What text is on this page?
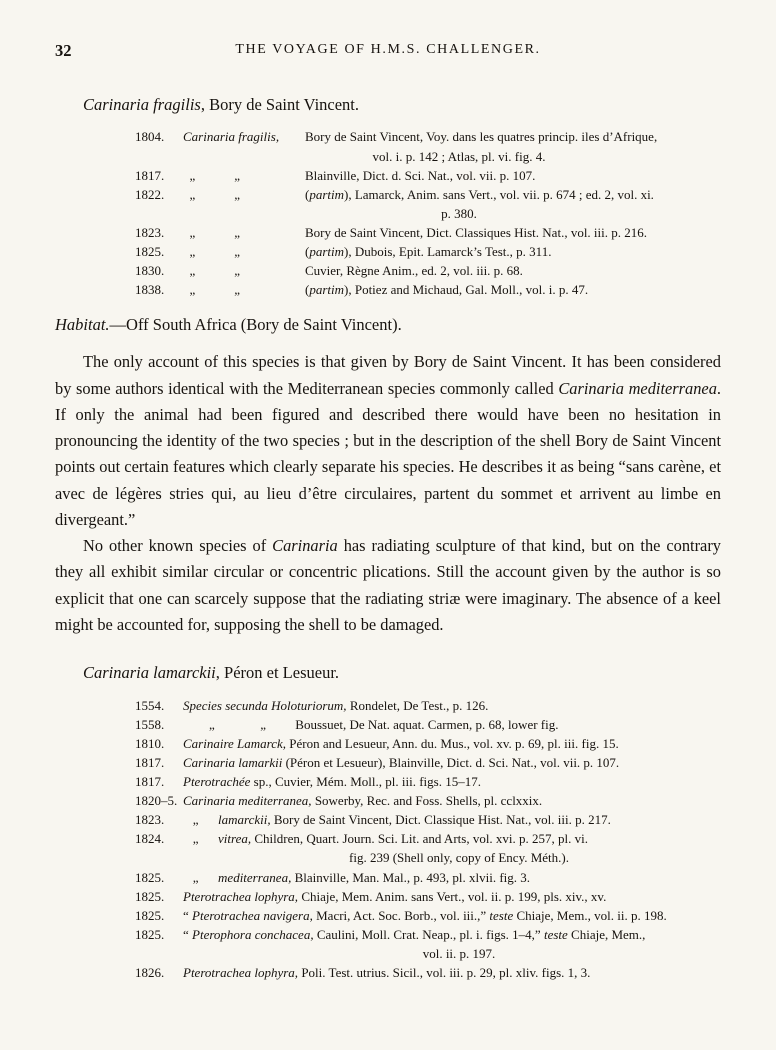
32	THE VOYAGE OF H.M.S. CHALLENGER.
Carinaria fragilis, Bory de Saint Vincent.
1804.	Carinaria fragilis, Bory de Saint Vincent, Voy. dans les quatres princip. iles d’Afrique,
vol. i. p. 142 ; Atlas, pl. vi. fig. 4.
1817.	„            „	Blainville, Dict. d. Sci. Nat., vol. vii. p. 107.
1822.	„            „	(partim), Lamarck, Anim. sans Vert., vol. vii. p. 674 ; ed. 2, vol. xi.
p. 380.
1823.	„            „	Bory de Saint Vincent, Dict. Classiques Hist. Nat., vol. iii. p. 216.
1825.	„            „	(partim), Dubois, Epit. Lamarck’s Test., p. 311.
1830.	„            „	Cuvier, Règne Anim., ed. 2, vol. iii. p. 68.
1838.	„            „	(partim), Potiez and Michaud, Gal. Moll., vol. i. p. 47.

Habitat.—Off South Africa (Bory de Saint Vincent).

The only account of this species is that given by Bory de Saint Vincent. It has been considered by some authors identical with the Mediterranean species commonly called Carinaria mediterranea. If only the animal had been figured and described there would have been no hesitation in pronouncing the identity of the two species ; but in the description of the shell Bory de Saint Vincent points out certain features which clearly separate his species. He describes it as being “sans carène, et avec de légères stries qui, au lieu d’être circulaires, partent du sommet et arrivent au limbe en divergeant.”

No other known species of Carinaria has radiating sculpture of that kind, but on the contrary they all exhibit similar circular or concentric plications. Still the account given by the author is so explicit that one can scarcely suppose that the radiating striæ were imaginary. The absence of a keel might be accounted for, supposing the shell to be damaged.

Carinaria lamarckii, Péron et Lesueur.
1554.	Species secunda Holoturiorum, Rondelet, De Test., p. 126.
1558.	„              „         Boussuet, De Nat. aquat. Carmen, p. 68, lower fig.
1810.	Carinaire Lamarck, Péron and Lesueur, Ann. du. Mus., vol. xv. p. 69, pl. iii. fig. 15.
1817.	Carinaria lamarkii (Péron et Lesueur), Blainville, Dict. d. Sci. Nat., vol. vii. p. 107.
1817.	Pterotrachée sp., Cuvier, Mém. Moll., pl. iii. figs. 15–17.
1820–5. Carinaria mediterranea, Sowerby, Rec. and Foss. Shells, pl. cclxxix.
1823.	„      lamarckii, Bory de Saint Vincent, Dict. Classique Hist. Nat., vol. iii. p. 217.
1824.	„      vitrea, Children, Quart. Journ. Sci. Lit. and Arts, vol. xvi. p. 257, pl. vi.
fig. 239 (Shell only, copy of Ency. Méth.).
1825.	„      mediterranea, Blainville, Man. Mal., p. 493, pl. xlvii. fig. 3.
1825.	Pterotrachea lophyra, Chiaje, Mem. Anim. sans Vert., vol. ii. p. 199, pls. xiv., xv.
1825.	“ Pterotrachea navigera, Macri, Act. Soc. Borb., vol. iii.,” teste Chiaje, Mem., vol. ii. p. 198.
1825.	“ Pterophora conchacea, Caulini, Moll. Crat. Neap., pl. i. figs. 1–4,” teste Chiaje, Mem.,
vol. ii. p. 197.
1826.	Pterotrachea lophyra, Poli. Test. utrius. Sicil., vol. iii. p. 29, pl. xliv. figs. 1, 3.
